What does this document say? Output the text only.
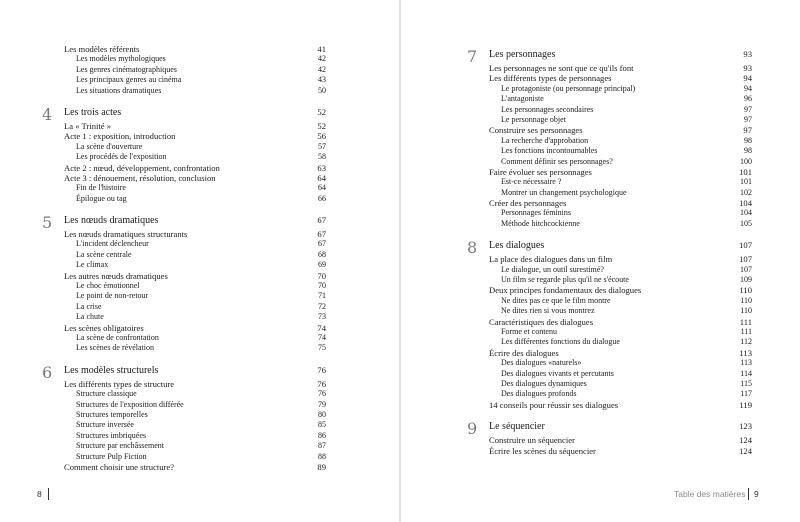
Les modèles référents	41
Les modèles mythologiques	42
Les genres cinématographiques	42
Les principaux genres au cinéma	43
Les situations dramatiques	50
4 Les trois actes	52
La « Trinité »	52
Acte 1 : exposition, introduction	56
La scène d'ouverture	57
Les procédés de l'exposition	58
Acte 2 : nœud, développement, confrontation	63
Acte 3 : dénouement, résolution, conclusion	64
Fin de l'histoire	64
Épilogue ou tag	66
5 Les nœuds dramatiques	67
Les nœuds dramatiques structurants	67
L'incident déclencheur	67
La scène centrale	68
Le climax	69
Les autres nœuds dramatiques	70
Le choc émotionnel	70
Le point de non-retour	71
La crise	72
La chute	73
Les scènes obligatoires	74
La scène de confrontation	74
Les scènes de révélation	75
6 Les modèles structurels	76
Les différents types de structure	76
Structure classique	76
Structures de l'exposition différée	79
Structures temporelles	80
Structure inversée	85
Structures imbriquées	86
Structure par enchâssement	87
Structure Pulp Fiction	88
Comment choisir une structure?	89
8
7 Les personnages	93
Les personnages ne sont que ce qu'ils font	93
Les différents types de personnages	94
Le protagoniste (ou personnage principal)	94
L'antagoniste	96
Les personnages secondaires	97
Le personnage objet	97
Construire ses personnages	97
La recherche d'approbation	98
Les fonctions incontournables	98
Comment définir ses personnages?	100
Faire évoluer ses personnages	101
Est-ce nécessaire ?	101
Montrer un changement psychologique	102
Créer des personnages	104
Personnages féminins	104
Méthode hitchcockienne	105
8 Les dialogues	107
La place des dialogues dans un film	107
Le dialogue, un outil surestimé?	107
Un film se regarde plus qu'il ne s'écoute	109
Deux principes fondamentaux des dialogues	110
Ne dites pas ce que le film montre	110
Ne dites rien si vous montrez	110
Caractéristiques des dialogues	111
Forme et contenu	111
Les différentes fonctions du dialogue	112
Écrire des dialogues	113
Des dialogues «naturels»	113
Des dialogues vivants et percutants	114
Des dialogues dynamiques	115
Des dialogues profonds	117
14 conseils pour réussir ses dialogues	119
9 Le séquencier	123
Construire un séquencier	124
Écrire les scènes du séquencier	124
Table des matières 9
